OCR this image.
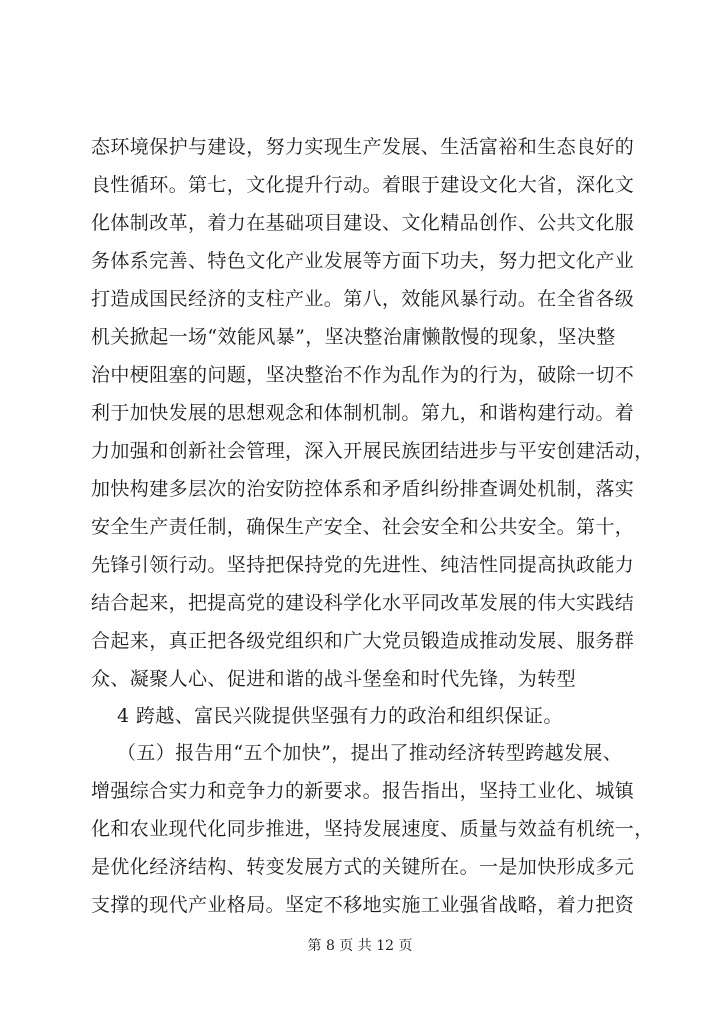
态环境保护与建设，努力实现生产发展、生活富裕和生态良好的
良性循环。第七，文化提升行动。着眼于建设文化大省，深化文
化体制改革，着力在基础项目建设、文化精品创作、公共文化服
务体系完善、特色文化产业发展等方面下功夫，努力把文化产业
打造成国民经济的支柱产业。第八，效能风暴行动。在全省各级
机关掀起一场“效能风暴”，坚决整治庸懒散慢的现象，坚决整
治中梗阻塞的问题，坚决整治不作为乱作为的行为，破除一切不
利于加快发展的思想观念和体制机制。第九，和谐构建行动。着
力加强和创新社会管理，深入开展民族团结进步与平安创建活动，
加快构建多层次的治安防控体系和矛盾纠纷排查调处机制，落实
安全生产责任制，确保生产安全、社会安全和公共安全。第十，
先锋引领行动。坚持把保持党的先进性、纯洁性同提高执政能力
结合起来，把提高党的建设科学化水平同改革发展的伟大实践结
合起来，真正把各级党组织和广大党员锻造成推动发展、服务群
众、凝聚人心、促进和谐的战斗堡垒和时代先锋，为转型
4 跨越、富民兴陇提供坚强有力的政治和组织保证。
（五）报告用“五个加快”，提出了推动经济转型跨越发展、
增强综合实力和竞争力的新要求。报告指出，坚持工业化、城镇
化和农业现代化同步推进，坚持发展速度、质量与效益有机统一，
是优化经济结构、转变发展方式的关键所在。一是加快形成多元
支撑的现代产业格局。坚定不移地实施工业强省战略，着力把资
第 8 页 共 12 页
